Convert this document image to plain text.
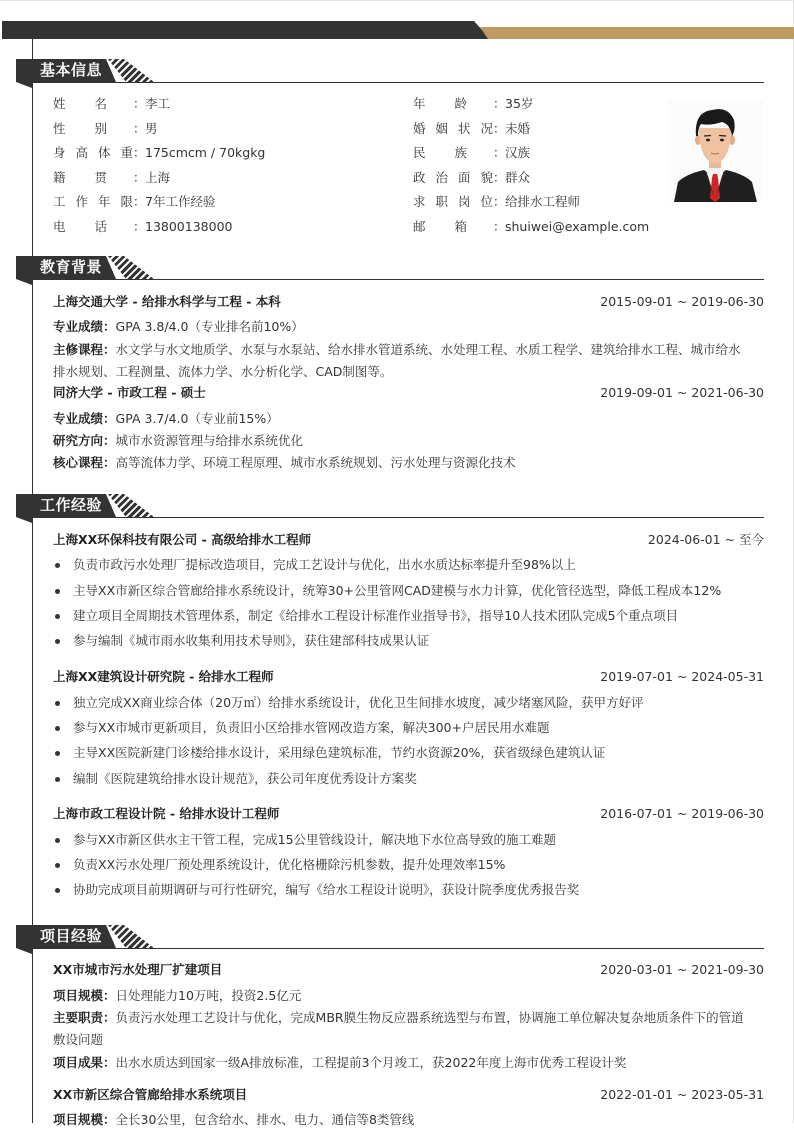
基本信息
姓 名 ： 李工
性 别 ： 男
身 高 体 重 ： 175cmcm / 70kgkg
籍 贯 ： 上海
工 作 年 限 ： 7年工作经验
电 话 ： 13800138000
年 龄 ： 35岁
婚 姻 状 况 ： 未婚
民 族 ： 汉族
政 治 面 貌 ： 群众
求 职 岗 位 ： 给排水工程师
邮 箱 ： shuiwei@example.com
教育背景
上海交通大学 - 给排水科学与工程 - 本科	2015-09-01 ~ 2019-06-30
专业成绩：GPA 3.8/4.0（专业排名前10%）
主修课程：水文学与水文地质学、水泵与水泵站、给水排水管道系统、水处理工程、水质工程学、建筑给排水工程、城市给水
排水规划、工程测量、流体力学、水分析化学、CAD制图等。
同济大学 - 市政工程 - 硕士	2019-09-01 ~ 2021-06-30
专业成绩：GPA 3.7/4.0（专业前15%）
研究方向：城市水资源管理与给排水系统优化
核心课程：高等流体力学、环境工程原理、城市水系统规划、污水处理与资源化技术
工作经验
上海XX环保科技有限公司 - 高级给排水工程师	2024-06-01 ~ 至今
负责市政污水处理厂提标改造项目，完成工艺设计与优化，出水水质达标率提升至98%以上
主导XX市新区综合管廊给排水系统设计，统筹30+公里管网CAD建模与水力计算，优化管径选型，降低工程成本12%
建立项目全周期技术管理体系，制定《给排水工程设计标准作业指导书》，指导10人技术团队完成5个重点项目
参与编制《城市雨水收集利用技术导则》，获住建部科技成果认证
上海XX建筑设计研究院 - 给排水工程师	2019-07-01 ~ 2024-05-31
独立完成XX商业综合体（20万㎡）给排水系统设计，优化卫生间排水坡度，减少堵塞风险，获甲方好评
参与XX市城市更新项目，负责旧小区给排水管网改造方案，解决300+户居民用水难题
主导XX医院新建门诊楼给排水设计，采用绿色建筑标准，节约水资源20%，获省级绿色建筑认证
编制《医院建筑给排水设计规范》，获公司年度优秀设计方案奖
上海市政工程设计院 - 给排水设计工程师	2016-07-01 ~ 2019-06-30
参与XX市新区供水主干管工程，完成15公里管线设计，解决地下水位高导致的施工难题
负责XX污水处理厂预处理系统设计，优化格栅除污机参数，提升处理效率15%
协助完成项目前期调研与可行性研究，编写《给水工程设计说明》，获设计院季度优秀报告奖
项目经验
XX市城市污水处理厂扩建项目	2020-03-01 ~ 2021-09-30
项目规模：日处理能力10万吨，投资2.5亿元
主要职责：负责污水处理工艺设计与优化，完成MBR膜生物反应器系统选型与布置，协调施工单位解决复杂地质条件下的管道
敷设问题
项目成果：出水水质达到国家一级A排放标准，工程提前3个月竣工，获2022年度上海市优秀工程设计奖
XX市新区综合管廊给排水系统项目	2022-01-01 ~ 2023-05-31
项目规模：全长30公里，包含给水、排水、电力、通信等8类管线
